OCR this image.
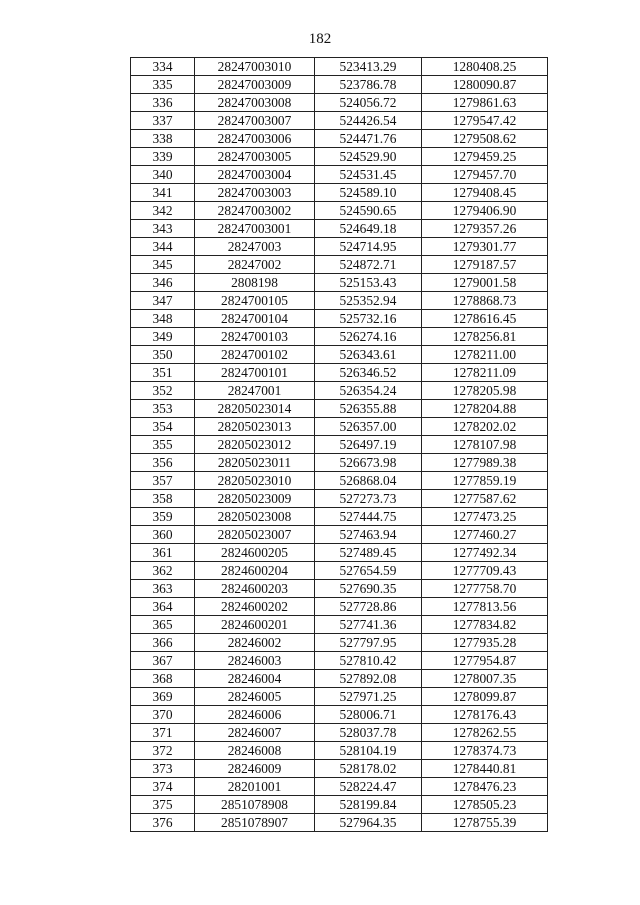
182
334	28247003010	523413.29	1280408.25
335	28247003009	523786.78	1280090.87
336	28247003008	524056.72	1279861.63
337	28247003007	524426.54	1279547.42
338	28247003006	524471.76	1279508.62
339	28247003005	524529.90	1279459.25
340	28247003004	524531.45	1279457.70
341	28247003003	524589.10	1279408.45
342	28247003002	524590.65	1279406.90
343	28247003001	524649.18	1279357.26
344	28247003	524714.95	1279301.77
345	28247002	524872.71	1279187.57
346	2808198	525153.43	1279001.58
347	2824700105	525352.94	1278868.73
348	2824700104	525732.16	1278616.45
349	2824700103	526274.16	1278256.81
350	2824700102	526343.61	1278211.00
351	2824700101	526346.52	1278211.09
352	28247001	526354.24	1278205.98
353	28205023014	526355.88	1278204.88
354	28205023013	526357.00	1278202.02
355	28205023012	526497.19	1278107.98
356	28205023011	526673.98	1277989.38
357	28205023010	526868.04	1277859.19
358	28205023009	527273.73	1277587.62
359	28205023008	527444.75	1277473.25
360	28205023007	527463.94	1277460.27
361	2824600205	527489.45	1277492.34
362	2824600204	527654.59	1277709.43
363	2824600203	527690.35	1277758.70
364	2824600202	527728.86	1277813.56
365	2824600201	527741.36	1277834.82
366	28246002	527797.95	1277935.28
367	28246003	527810.42	1277954.87
368	28246004	527892.08	1278007.35
369	28246005	527971.25	1278099.87
370	28246006	528006.71	1278176.43
371	28246007	528037.78	1278262.55
372	28246008	528104.19	1278374.73
373	28246009	528178.02	1278440.81
374	28201001	528224.47	1278476.23
375	2851078908	528199.84	1278505.23
376	2851078907	527964.35	1278755.39
